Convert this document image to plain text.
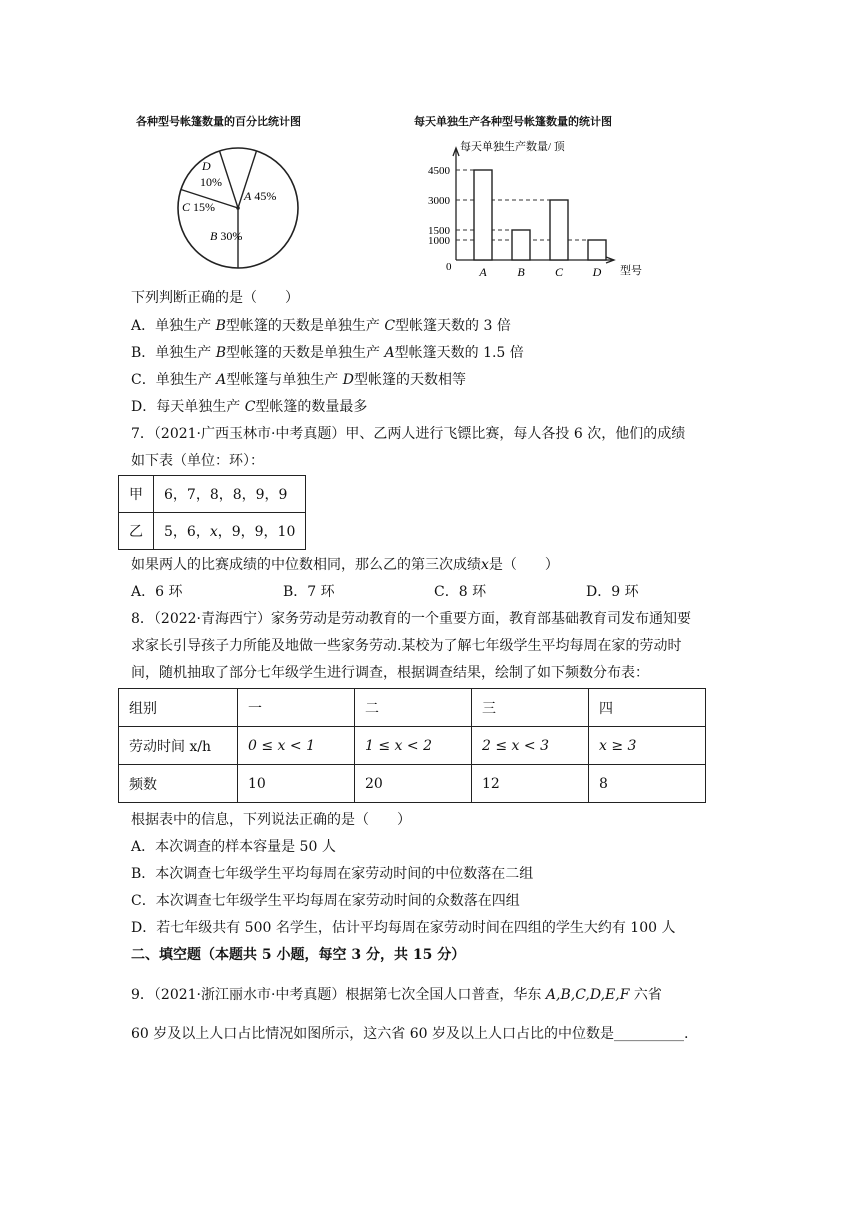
各种型号帐篷数量的百分比统计图
D
10%
C 15%
A 45%
B 30%
每天单独生产各种型号帐篷数量的统计图
每天单独生产数量/ 顶
型号
0
1000
1500
3000
4500
A	B	C D
下列判断正确的是（　　）
A．单独生产 B型帐篷的天数是单独生产 C型帐篷天数的 3 倍
B．单独生产 B型帐篷的天数是单独生产 A型帐篷天数的 1.5 倍
C．单独生产 A型帐篷与单独生产 D型帐篷的天数相等
D．每天单独生产 C型帐篷的数量最多
7．（2021·广西玉林市·中考真题）甲、乙两人进行飞镖比赛，每人各投 6 次，他们的成绩
如下表（单位：环）：
甲	6，7，8，8，9，9
乙	5，6，x，9，9，10
如果两人的比赛成绩的中位数相同，那么乙的第三次成绩x是（　　）
A．6 环	B．7 环	C．8 环	D．9 环
8．（2022·青海西宁）家务劳动是劳动教育的一个重要方面，教育部基础教育司发布通知要
求家长引导孩子力所能及地做一些家务劳动.某校为了解七年级学生平均每周在家的劳动时
间，随机抽取了部分七年级学生进行调查，根据调查结果，绘制了如下频数分布表：
组别	一	二	三	四
劳动时间 x/h	0 ≤ x < 1	1 ≤ x < 2	2 ≤ x < 3	x ≥ 3
频数	10	20	12	8
根据表中的信息，下列说法正确的是（　　）
A．本次调查的样本容量是 50 人
B．本次调查七年级学生平均每周在家劳动时间的中位数落在二组
C．本次调查七年级学生平均每周在家劳动时间的众数落在四组
D．若七年级共有 500 名学生，估计平均每周在家劳动时间在四组的学生大约有 100 人
二、填空题（本题共 5 小题，每空 3 分，共 15 分）
9．（2021·浙江丽水市·中考真题）根据第七次全国人口普查，华东 A,B,C,D,E,F 六省
60 岁及以上人口占比情况如图所示，这六省 60 岁及以上人口占比的中位数是__________.
